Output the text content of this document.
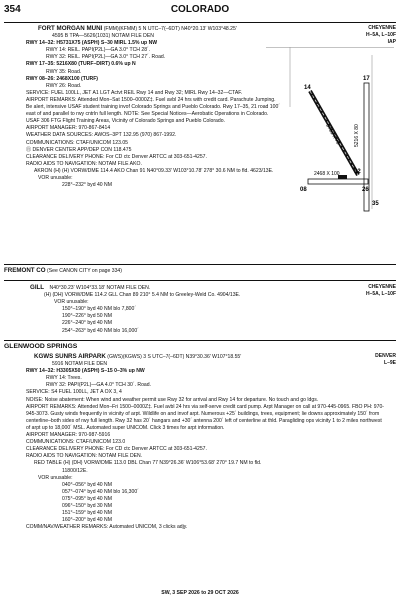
354	COLORADO
CHEYENNE
H–5A, L–10F
IAP
FORT MORGAN MUNI (FMM)(KFMM) 5 N UTC–7(–6DT) N40°20.13′ W103°48.25′
4595 B TPA—5626(1031) NOTAM FILE DEN
RWY 14–32: H5731X75 (ASPH) S–30 MIRL 1.5% up NW
RWY 14: REIL. PAPI(P2L)—GA 3.0° TCH 28´.
RWY 32: REIL. PAPI(P2L)—GA 3.0° TCH 27´. Road.
RWY 17–35: 5216X80 (TURF–DIRT) 0.6% up N
RWY 35: Road.
RWY 08–26: 2468X100 (TURF)
RWY 26: Road.
SERVICE: FUEL 100LL, JET A1 LGT Actvt REIL Rwy 14 and Rwy 32; MIRL Rwy 14–32—CTAF.
AIRPORT REMARKS: Attended Mon–Sat 1500–0000Z‡. Fuel avbl 24 hrs with credit card. Parachute Jumping. Be alert, intensive USAF student training invof Colorado Springs and Pueblo Colorado. Rwy 17–35, 21 road 100´ east of and parallel to rwy cntrln full length. NOTE: See Special Notices—Aerobatic Operations in Colorado. USAF 306 FTG Flight Training Areas, Vicinity of Colorado Springs and Pueblo Colorado.
AIRPORT MANAGER: 970-867-8414
WEATHER DATA SOURCES: AWOS–3PT 132.95 (970) 867-1992.
COMMUNICATIONS: CTAF/UNICOM 123.05
Ⓡ DENVER CENTER APP/DEP CON 118.475
CLEARANCE DELIVERY PHONE: For CD ctc Denver ARTCC at 303-651-4257.
RADIO AIDS TO NAVIGATION: NOTAM FILE AKO.
AKRON (H) (H) VORW/DME 114.4 AKO Chan 91 N40°09.33′ W103°10.78′ 278° 30.6 NM to fld. 4623/13E.
VOR unusable:
228°–232° byd 40 NM
5731 X 75	5216 X 80
2468 X 100
14
32
17
35
08	26
FREMONT CO (See CANON CITY on page 334)
CHEYENNE
H–5A, L–10F
GILL N40°30.23′ W104°33.18′ NOTAM FILE DEN.
(H) (DH) VORW/DME 114.2 GLL Chan 89 210° 5.4 NM to Greeley-Weld Co. 4904/13E.
VOR unusable:
150°–190° byd 40 NM blo 7,800´
190°–226° byd 50 NM
226°–240° byd 40 NM
254°–263° byd 40 NM blo 16,000´
GLENWOOD SPRINGS
DENVER
L–9E
KGWS SUNRS AIRPARK (GWS)(KGWS) 3 S UTC–7(–6DT) N39°30.36′ W107°18.55′
5916 NOTAM FILE DEN
RWY 14–32: H3305X50 (ASPH) S–15 0–3% up NW
RWY 14: Trees.
RWY 32: PAPI(P2L)—GA 4.0° TCH 30´. Road.
SERVICE: S4 FUEL 100LL, JET A OX 3, 4
NOISE: Noise abatement: When wind and weather permit use Rwy 32 for arrival and Rwy 14 for departure. No touch and go ldgs.
AIRPORT REMARKS: Attended Mon–Fri 1500–0000Z‡. Fuel avbl 24 hrs via self-serve credit card pump. Arpt Manager on call at 970-445-0965. FBO PH: 970-945-3073. Gusty winds frequently in vicinity of arpt. Wildlife on and invof arpt. Numerous +25´ buildings, trees, equipment; lie downs approximately 150´ from centerline–both sides of rwy full length. Rwy 32 has 20´ hangars and +30´ antenna 200´ left of centerline at thld. Paragliding ops vicinity 1 to 2 miles northwest of arpt up to 18,000´ MSL. Automated super UNICOM. Click 3 times for arpt information.
AIRPORT MANAGER: 970-987-5916
COMMUNICATIONS: CTAF/UNICOM 123.0
CLEARANCE DELIVERY PHONE: For CD ctc Denver ARTCC at 303-651-4257.
RADIO AIDS TO NAVIGATION: NOTAM FILE DEN.
RED TABLE (H) (DH) VORW/DME 113.0 DBL Chan 77 N39°26.36′ W106°53.68′ 270° 19.7 NM to fld.
11800/12E.
VOR unusable:
040°–056° byd 40 NM
057°–074° byd 40 NM blo 16,300´
075°–095° byd 40 NM
096°–150° byd 30 NM
151°–159° byd 40 NM
160°–200° byd 40 NM
COMM/NAV/WEATHER REMARKS: Automated UNICOM, 3 clicks adjy.
SW, 3 SEP 2026 to 29 OCT 2026
